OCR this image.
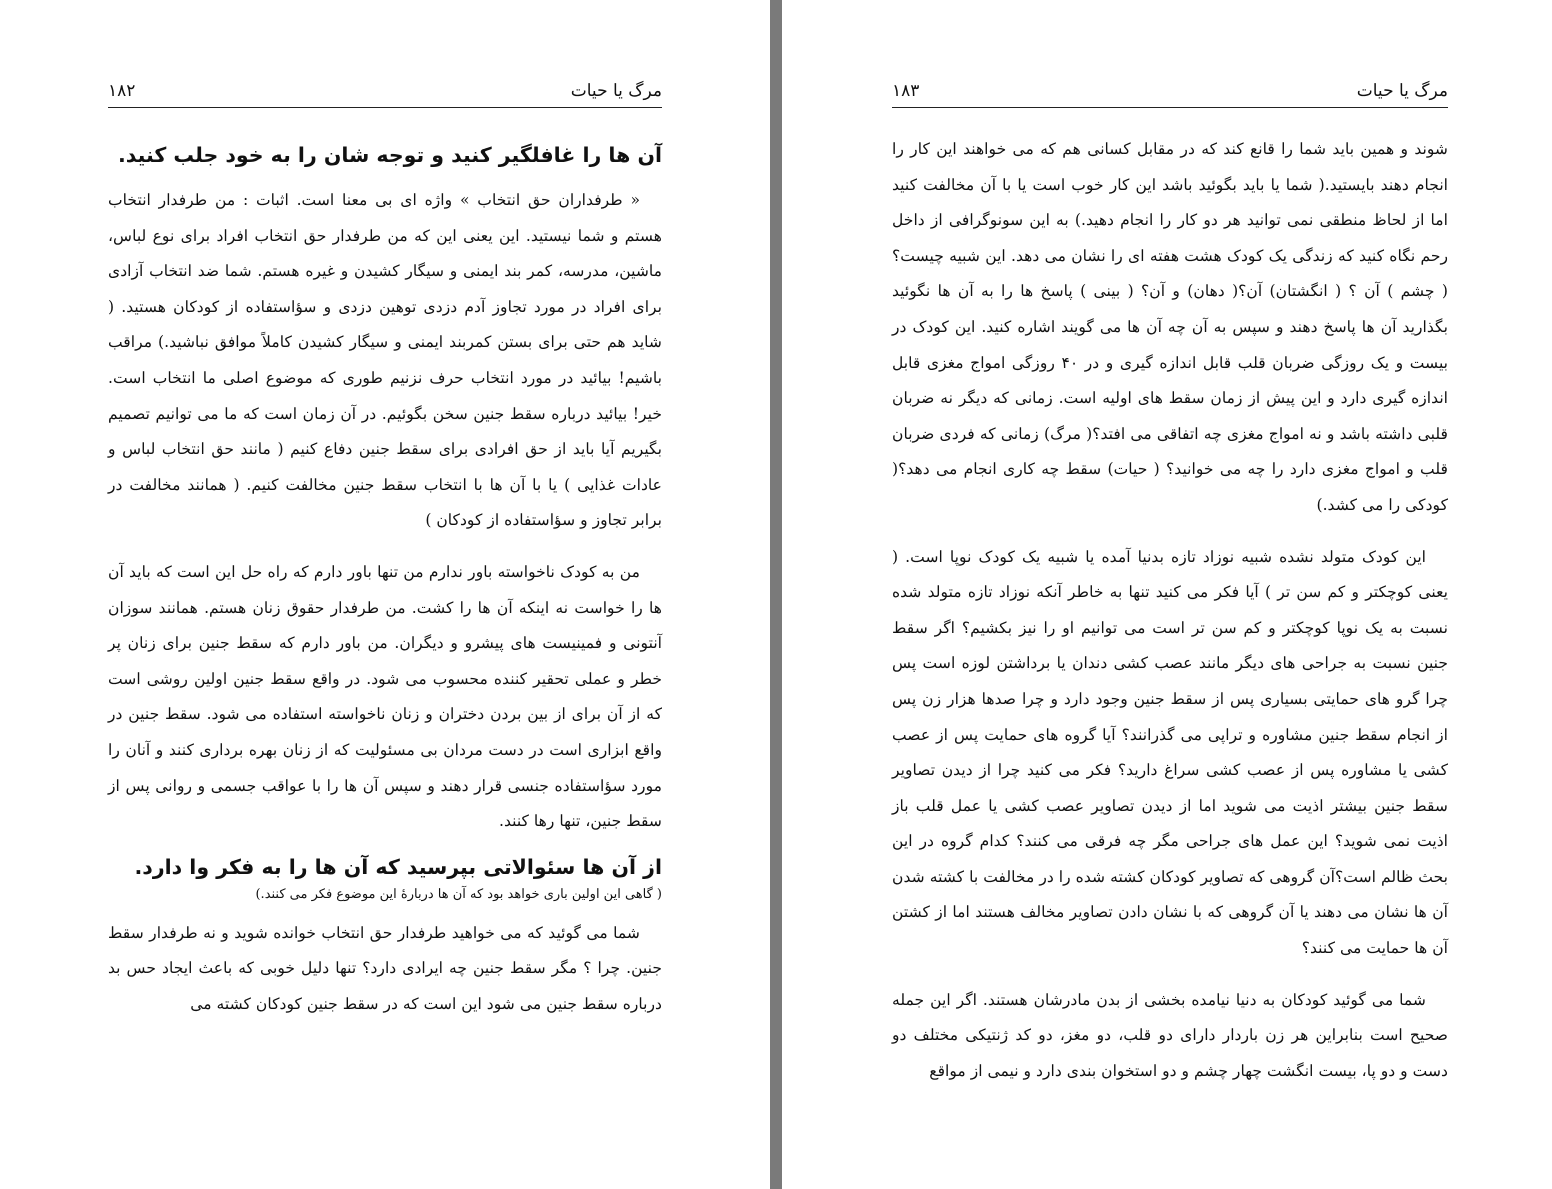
مرگ یا حیات
۱۸۲
آن ها را غافلگیر کنید و توجه شان را به خود جلب کنید.

« طرفداران حق انتخاب » واژه ای بی معنا است. اثبات : من طرفدار انتخاب هستم و شما نیستید. این یعنی این که من طرفدار حق انتخاب افراد برای نوع لباس، ماشین، مدرسه، کمر بند ایمنی و سیگار کشیدن و غیره هستم. شما ضد انتخاب آزادی برای افراد در مورد تجاوز آدم دزدی توهین دزدی و سؤاستفاده از کودکان هستید. ( شاید هم حتی برای بستن کمربند ایمنی و سیگار کشیدن کاملاً موافق نباشید.) مراقب باشیم! بیائید در مورد انتخاب حرف نزنیم طوری که موضوع اصلی ما انتخاب است. خیر! بیائید درباره سقط جنین سخن بگوئیم. در آن زمان است که ما می توانیم تصمیم بگیریم آیا باید از حق افرادی برای سقط جنین دفاع کنیم ( مانند حق انتخاب لباس و عادات غذایی ) یا با آن ها با انتخاب سقط جنین مخالفت کنیم. ( همانند مخالفت در برابر تجاوز و سؤاستفاده از کودکان )

من به کودک ناخواسته باور ندارم من تنها باور دارم که راه حل این است که باید آن ها را خواست نه اینکه آن ها را کشت. من طرفدار حقوق زنان هستم. همانند سوزان آنتونی و فمینیست های پیشرو و دیگران. من باور دارم که سقط جنین برای زنان پر خطر و عملی تحقیر کننده محسوب می شود. در واقع سقط جنین اولین روشی است که از آن برای از بین بردن دختران و زنان ناخواسته استفاده می شود. سقط جنین در واقع ابزاری است در دست مردان بی مسئولیت که از زنان بهره برداری کنند و آنان را مورد سؤاستفاده جنسی قرار دهند و سپس آن ها را با عواقب جسمی و روانی پس از سقط جنین، تنها رها کنند.

از آن ها سئوالاتی بپرسید که آن ها را به فکر وا دارد.
( گاهی این اولین باری خواهد بود که آن ها دربارۀ این موضوع فکر می کنند.)

شما می گوئید که می خواهید طرفدار حق انتخاب خوانده شوید و نه طرفدار سقط جنین. چرا ؟ مگر سقط جنین چه ایرادی دارد؟ تنها دلیل خوبی که باعث ایجاد حس بد درباره سقط جنین می شود این است که در سقط جنین کودکان کشته می

مرگ یا حیات
۱۸۳

شوند و همین باید شما را قانع کند که در مقابل کسانی هم که می خواهند این کار را انجام دهند بایستید.( شما یا باید بگوئید باشد این کار خوب است یا با آن مخالفت کنید اما از لحاظ منطقی نمی توانید هر دو کار را انجام دهید.) به این سونوگرافی از داخل رحم نگاه کنید که زندگی یک کودک هشت هفته ای را نشان می دهد. این شبیه چیست؟ ( چشم ) آن ؟ ( انگشتان) آن؟( دهان) و آن؟ ( بینی ) پاسخ ها را به آن ها نگوئید بگذارید آن ها پاسخ دهند و سپس به آن چه آن ها می گویند اشاره کنید. این کودک در بیست و یک روزگی ضربان قلب قابل اندازه گیری و در ۴۰ روزگی امواج مغزی قابل اندازه گیری دارد و این پیش از زمان سقط های اولیه است. زمانی که دیگر نه ضربان قلبی داشته باشد و نه امواج مغزی چه اتفاقی می افتد؟( مرگ) زمانی که فردی ضربان قلب و امواج مغزی دارد را چه می خوانید؟ ( حیات) سقط چه کاری انجام می دهد؟( کودکی را می کشد.)

این کودک متولد نشده شبیه نوزاد تازه بدنیا آمده یا شبیه یک کودک نوپا است. ( یعنی کوچکتر و کم سن تر ) آیا فکر می کنید تنها به خاطر آنکه نوزاد تازه متولد شده نسبت به یک نوپا کوچکتر و کم سن تر است می توانیم او را نیز بکشیم؟ اگر سقط جنین نسبت به جراحی های دیگر مانند عصب کشی دندان یا برداشتن لوزه است پس چرا گرو های حمایتی بسیاری پس از سقط جنین وجود دارد و چرا صدها هزار زن پس از انجام سقط جنین مشاوره و تراپی می گذرانند؟ آیا گروه های حمایت پس از عصب کشی یا مشاوره پس از عصب کشی سراغ دارید؟ فکر می کنید چرا از دیدن تصاویر سقط جنین بیشتر اذیت می شوید اما از دیدن تصاویر عصب کشی یا عمل قلب باز اذیت نمی شوید؟ این عمل های جراحی مگر چه فرقی می کنند؟ کدام گروه در این بحث ظالم است؟آن گروهی که تصاویر کودکان کشته شده را در مخالفت با کشته شدن آن ها نشان می دهند یا آن گروهی که با نشان دادن تصاویر مخالف هستند اما از کشتن آن ها حمایت می کنند؟

شما می گوئید کودکان به دنیا نیامده بخشی از بدن مادرشان هستند. اگر این جمله صحیح است بنابراین هر زن باردار دارای دو قلب، دو مغز، دو کد ژنتیکی مختلف دو دست و دو پا، بیست انگشت چهار چشم و دو استخوان بندی دارد و نیمی از مواقع
